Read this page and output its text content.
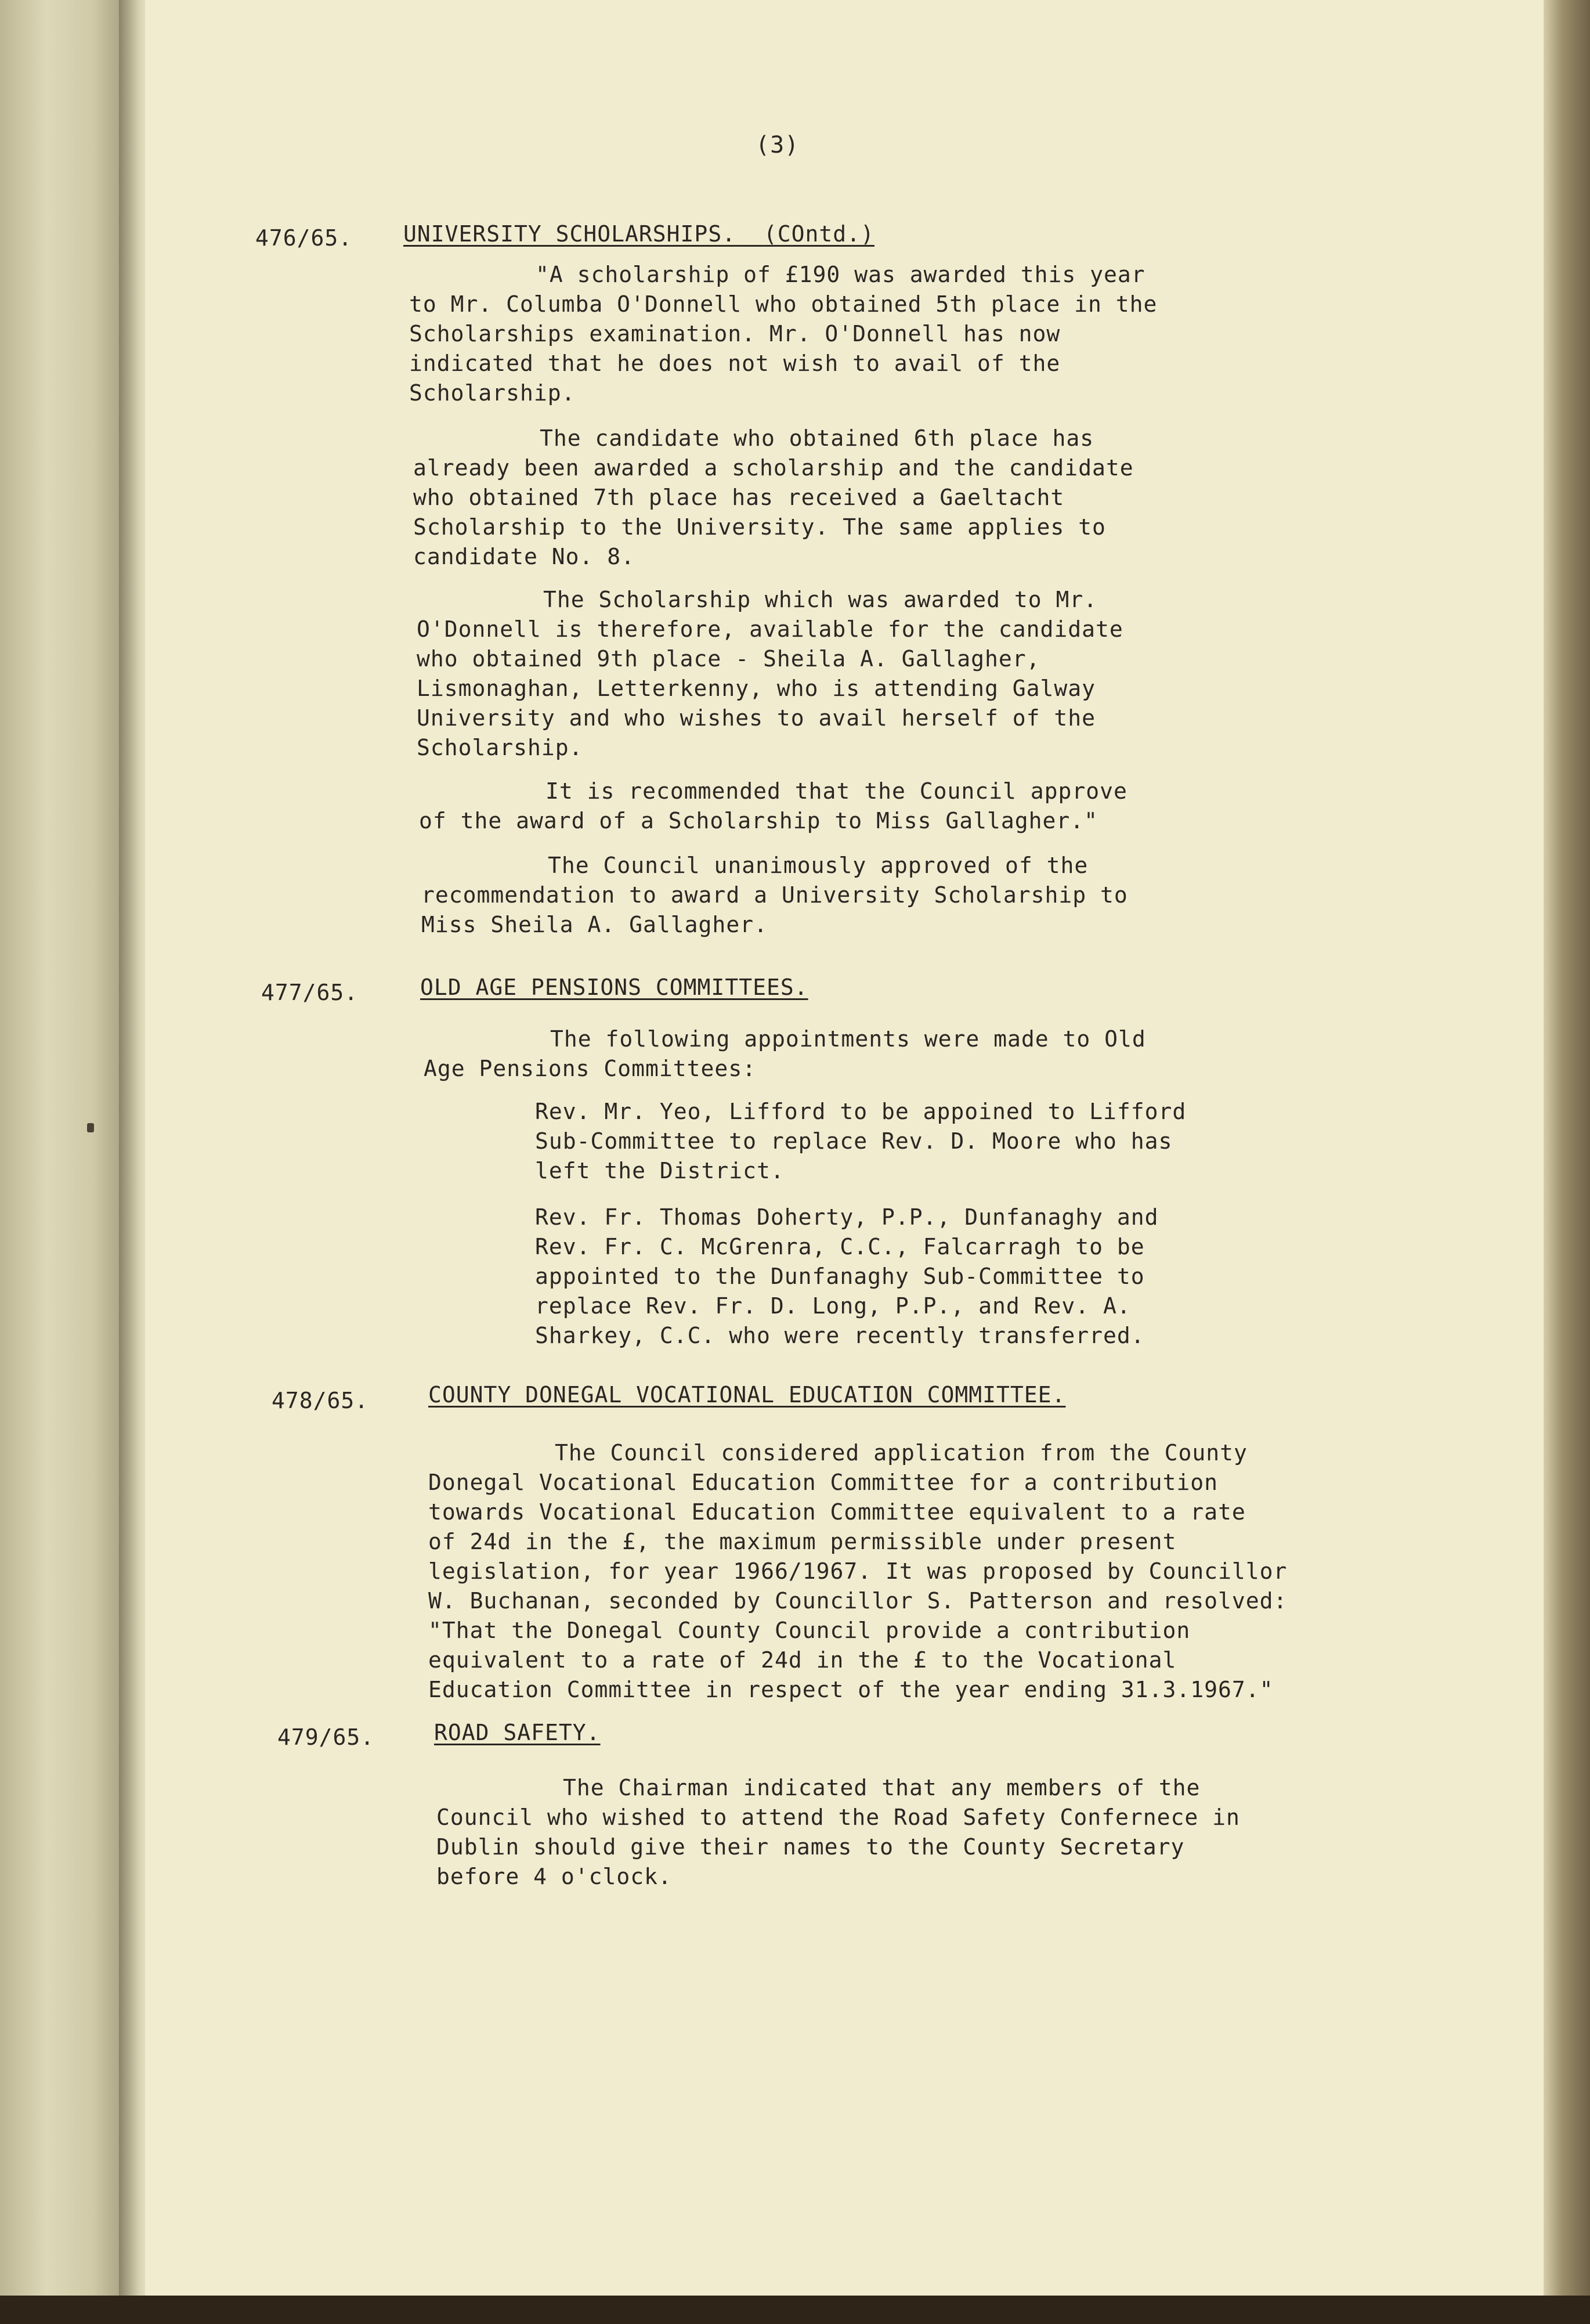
(3)
476/65. UNIVERSITY SCHOLARSHIPS. (COntd.)
"A scholarship of £190 was awarded this year
to Mr. Columba O'Donnell who obtained 5th place in the
Scholarships examination. Mr. O'Donnell has now
indicated that he does not wish to avail of the
Scholarship.
The candidate who obtained 6th place has
already been awarded a scholarship and the candidate
who obtained 7th place has received a Gaeltacht
Scholarship to the University. The same applies to
candidate No. 8.
The Scholarship which was awarded to Mr.
O'Donnell is therefore, available for the candidate
who obtained 9th place - Sheila A. Gallagher,
Lismonaghan, Letterkenny, who is attending Galway
University and who wishes to avail herself of the
Scholarship.
It is recommended that the Council approve
of the award of a Scholarship to Miss Gallagher."
The Council unanimously approved of the
recommendation to award a University Scholarship to
Miss Sheila A. Gallagher.
477/65.	OLD AGE PENSIONS COMMITTEES.
The following appointments were made to Old
Age Pensions Committees:
Rev. Mr. Yeo, Lifford to be appoined to Lifford
Sub-Committee to replace Rev. D. Moore who has
left the District.
Rev. Fr. Thomas Doherty, P.P., Dunfanaghy and
Rev. Fr. C. McGrenra, C.C., Falcarragh to be
appointed to the Dunfanaghy Sub-Committee to
replace Rev. Fr. D. Long, P.P., and Rev. A.
Sharkey, C.C. who were recently transferred.
478/65.	COUNTY DONEGAL VOCATIONAL EDUCATION COMMITTEE.
The Council considered application from the County
Donegal Vocational Education Committee for a contribution
towards Vocational Education Committee equivalent to a rate
of 24d in the £, the maximum permissible under present
legislation, for year 1966/1967. It was proposed by Councillor
W. Buchanan, seconded by Councillor S. Patterson and resolved:
"That the Donegal County Council provide a contribution
equivalent to a rate of 24d in the £ to the Vocational
Education Committee in respect of the year ending 31.3.1967."
479/65.	ROAD SAFETY.
The Chairman indicated that any members of the
Council who wished to attend the Road Safety Confernece in
Dublin should give their names to the County Secretary
before 4 o'clock.
